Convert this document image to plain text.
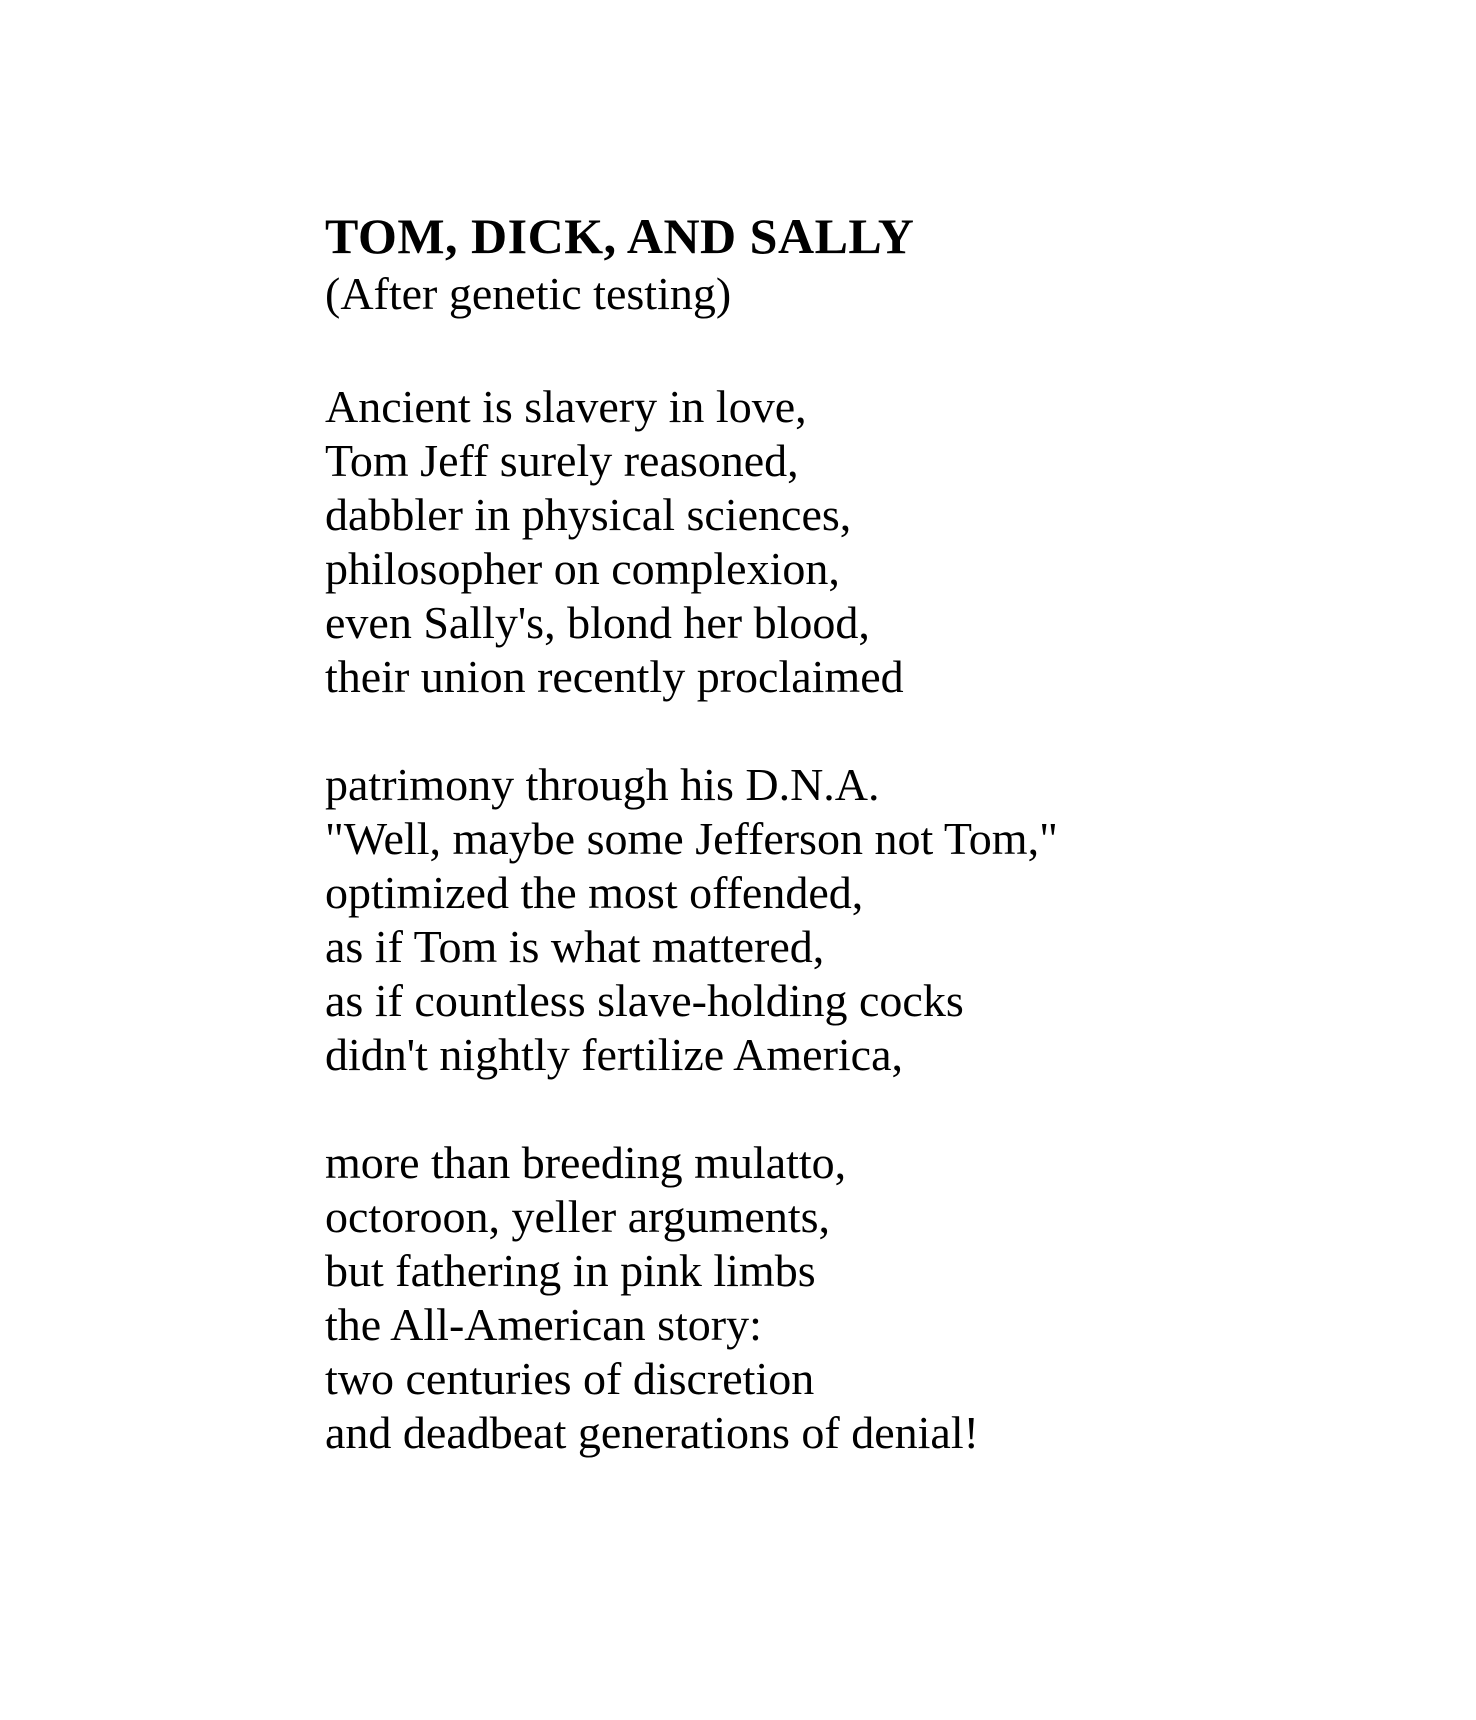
TOM, DICK, AND SALLY
(After genetic testing)
Ancient is slavery in love,
Tom Jeff surely reasoned,
dabbler in physical sciences,
philosopher on complexion,
even Sally's, blond her blood,
their union recently proclaimed
patrimony through his D.N.A.
"Well, maybe some Jefferson not Tom,"
optimized the most offended,
as if Tom is what mattered,
as if countless slave-holding cocks
didn't nightly fertilize America,
more than breeding mulatto,
octoroon, yeller arguments,
but fathering in pink limbs
the All-American story:
two centuries of discretion
and deadbeat generations of denial!
